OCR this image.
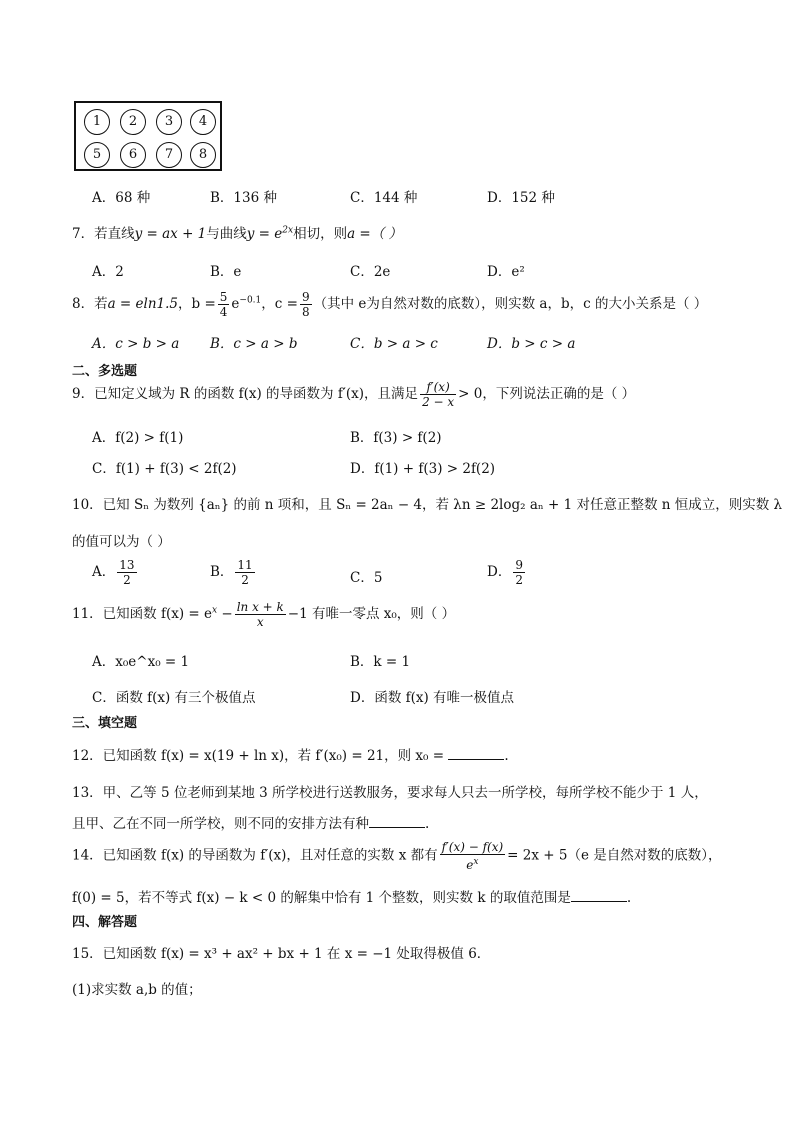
1	2	3	4
5	6	7	8
A．68 种	B．136 种	C．144 种	D．152 种
7．若直线y = ax + 1与曲线$y = e^{2x}$相切，则a =（ ）
A．2	B．e	C．2e	D．e²
8．若a = eln1.5，$b = \frac{5}{4} e^{-0.1}$，$c = \frac{9}{8}$ （其中 e为自然对数的底数），则实数 a，b，c 的大小关系是（ ）
A．c > b > a B．c > a > b	C．b > a > c	D．b > c > a
二、多选题
9．已知定义域为 R 的函数 f(x) 的导函数为 f′(x)，且满足 $\frac{f'(x)}{2 - x} > 0$，下列说法正确的是（ ）
A．f(2) > f(1)	B．f(3) > f(2)
C．f(1) + f(3) < 2f(2)	D．f(1) + f(3) > 2f(2)
10．已知 Sₙ 为数列 {aₙ} 的前 n 项和，且 Sₙ = 2aₙ − 4，若 λn ≥ 2log₂ aₙ + 1 对任意正整数 n 恒成立，则实数 λ
的值可以为（ ）
A． $\frac{13}{2}$	B． $\frac{11}{2}$	C．5	D． $\frac{9}{2}$
11．已知函数 $f(x) = e^x - \frac{\text{ln x + k}}{x} -1$ 有唯一零点 x₀，则（ ）
A．x₀e^x₀ = 1	B．k = 1
C．函数 f(x) 有三个极值点	D．函数 f(x) 有唯一极值点
三、填空题
12．已知函数 f(x) = x(19 + ln x)，若 f′(x₀) = 21，则 x₀ =	.
13．甲、乙等 5 位老师到某地 3 所学校进行送教服务，要求每人只去一所学校，每所学校不能少于 1 人，
且甲、乙在不同一所学校，则不同的安排方法有种	.
14．已知函数 f(x) 的导函数为 f′(x)，且对任意的实数 x 都有 $\frac{f'(x) - f(x)}{e^x} = 2x + 5(e$ 是自然对数的底数），
f(0) = 5，若不等式 f(x) − k < 0 的解集中恰有 1 个整数，则实数 k 的取值范围是	.
四、解答题
15．已知函数 f(x) = x³ + ax² + bx + 1 在 x = −1 处取得极值 6．
(1)求实数 a,b 的值；
